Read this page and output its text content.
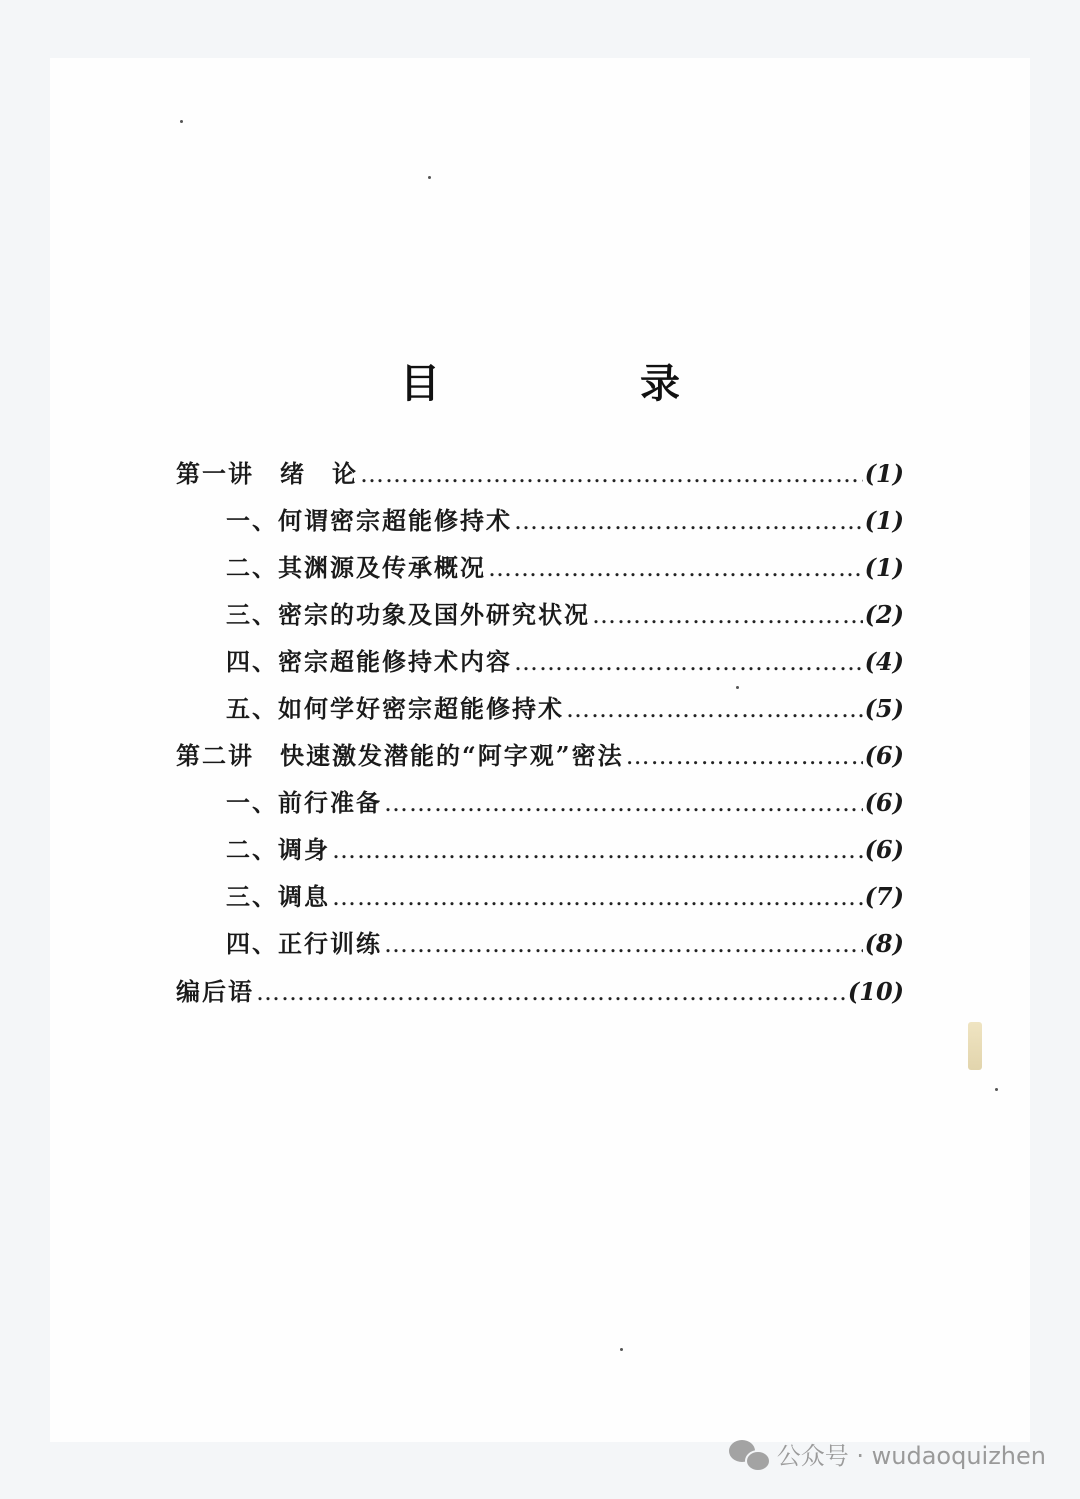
目　录
第一讲　绪　论 ……………………………………………………………………………………………………………………………………………………	(1)
一、何谓密宗超能修持术 ……………………………………………………………………………………………………………………………………………………	(1)
二、其渊源及传承概况 ……………………………………………………………………………………………………………………………………………………	(1)
三、密宗的功象及国外研究状况 ……………………………………………………………………………………………………………………………………………………	(2)
四、密宗超能修持术内容 ……………………………………………………………………………………………………………………………………………………	(4)
五、如何学好密宗超能修持术 ……………………………………………………………………………………………………………………………………………………	(5)
第二讲　快速激发潜能的“阿字观”密法 ……………………………………………………………………………………………………………………………………………………	(6)
一、前行准备 ……………………………………………………………………………………………………………………………………………………	(6)
二、调身 ……………………………………………………………………………………………………………………………………………………	(6)
三、调息 ……………………………………………………………………………………………………………………………………………………	(7)
四、正行训练 ……………………………………………………………………………………………………………………………………………………	(8)
编后语 ……………………………………………………………………………………………………………………………………………………	(10)
公众号 · wudaoquizhen
